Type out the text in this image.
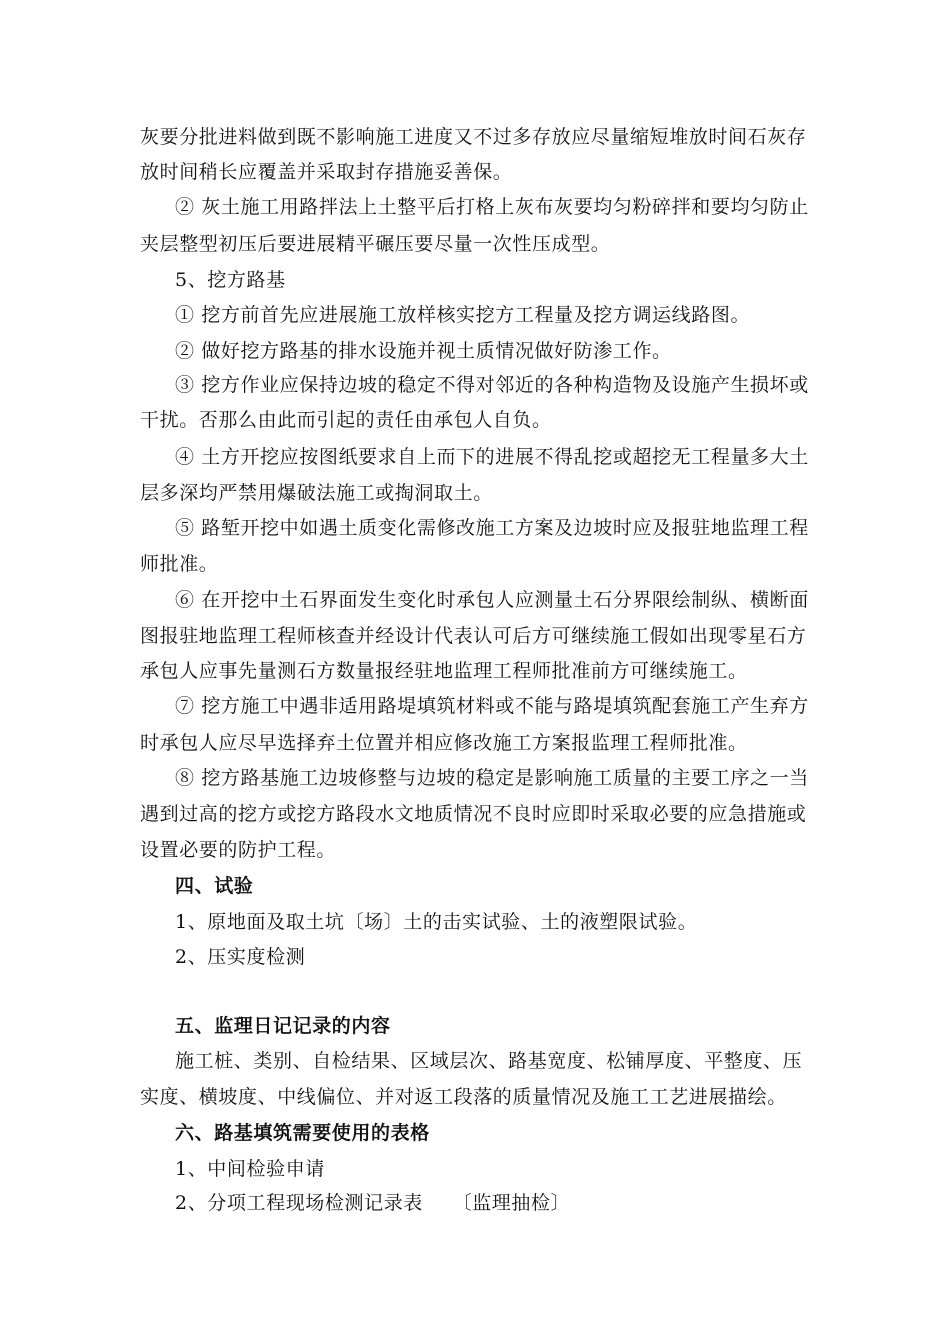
灰要分批进料做到既不影响施工进度又不过多存放应尽量缩短堆放时间石灰存
放时间稍长应覆盖并采取封存措施妥善保。
② 灰土施工用路拌法上土整平后打格上灰布灰要均匀粉碎拌和要均匀防止
夹层整型初压后要进展精平碾压要尽量一次性压成型。
5、挖方路基
① 挖方前首先应进展施工放样核实挖方工程量及挖方调运线路图。
② 做好挖方路基的排水设施并视土质情况做好防渗工作。
③ 挖方作业应保持边坡的稳定不得对邻近的各种构造物及设施产生损坏或
干扰。否那么由此而引起的责任由承包人自负。
④ 土方开挖应按图纸要求自上而下的进展不得乱挖或超挖无工程量多大土
层多深均严禁用爆破法施工或掏洞取土。
⑤ 路堑开挖中如遇土质变化需修改施工方案及边坡时应及报驻地监理工程
师批准。
⑥ 在开挖中土石界面发生变化时承包人应测量土石分界限绘制纵、横断面
图报驻地监理工程师核查并经设计代表认可后方可继续施工假如出现零星石方
承包人应事先量测石方数量报经驻地监理工程师批准前方可继续施工。
⑦ 挖方施工中遇非适用路堤填筑材料或不能与路堤填筑配套施工产生弃方
时承包人应尽早选择弃土位置并相应修改施工方案报监理工程师批准。
⑧ 挖方路基施工边坡修整与边坡的稳定是影响施工质量的主要工序之一当
遇到过高的挖方或挖方路段水文地质情况不良时应即时采取必要的应急措施或
设置必要的防护工程。
四、试验
1、原地面及取土坑〔场〕土的击实试验、土的液塑限试验。
2、压实度检测
五、监理日记记录的内容
施工桩、类别、自检结果、区域层次、路基宽度、松铺厚度、平整度、压
实度、横坡度、中线偏位、并对返工段落的质量情况及施工工艺进展描绘。
六、路基填筑需要使用的表格
1、中间检验申请
2、分项工程现场检测记录表　　〔监理抽检〕
